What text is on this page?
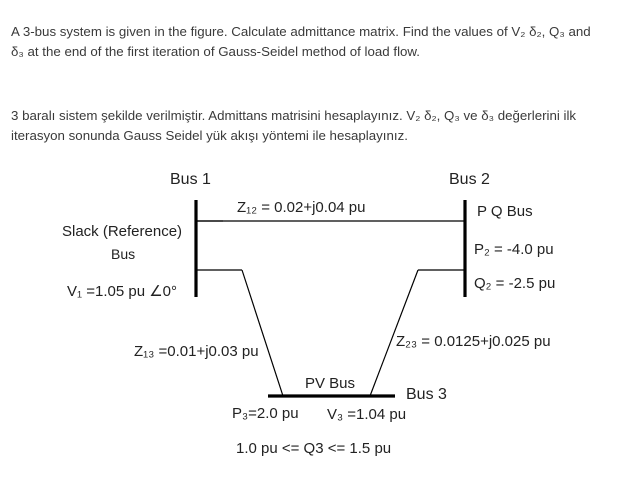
A 3-bus system is given in the figure. Calculate admittance matrix. Find the values of V₂ δ₂, Q₃ and
δ₃ at the end of the first iteration of Gauss-Seidel method of load flow.
3 baralı sistem şekilde verilmiştir. Admittans matrisini hesaplayınız. V₂ δ₂, Q₃ ve δ₃ değerlerini ilk
iterasyon sonunda Gauss Seidel yük akışı yöntemi ile hesaplayınız.
Bus 1	Bus 2
Bus 3
Slack (Reference)
Bus
V₁ =1.05 pu ∠0°
Z₁₂ = 0.02+j0.04 pu
Z₁₃ =0.01+j0.03 pu
Z₂₃ = 0.0125+j0.025 pu
P Q Bus
P₂ = -4.0 pu
Q₂ = -2.5 pu
PV Bus
P₃=2.0 pu V₃ =1.04 pu
1.0 pu <= Q3 <= 1.5 pu
